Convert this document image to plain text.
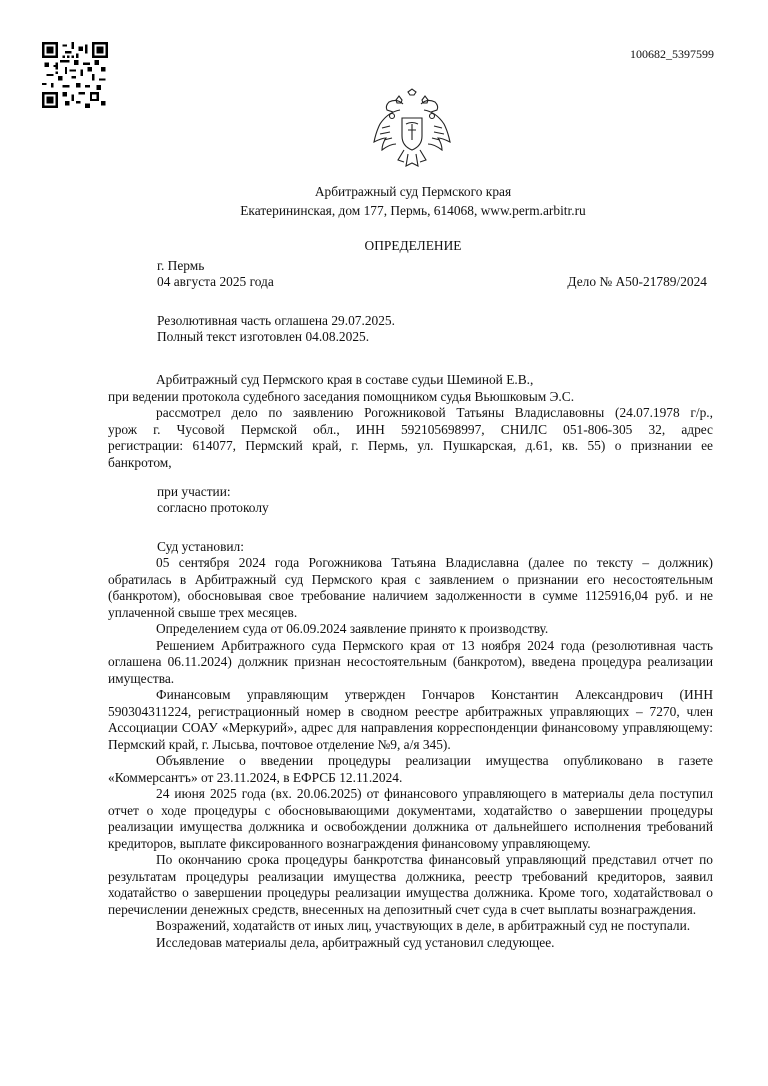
100682_5397599
Арбитражный суд Пермского края
Екатерининская, дом 177, Пермь, 614068, www.perm.arbitr.ru
ОПРЕДЕЛЕНИЕ
г. Пермь
04 августа 2025 года	Дело № А50-21789/2024
Резолютивная часть оглашена 29.07.2025.
Полный текст изготовлен 04.08.2025.
Арбитражный суд Пермского края в составе судьи Шеминой Е.В.,
при ведении протокола судебного заседания помощником судья Вьюшковым Э.С.
рассмотрел дело по заявлению Рогожниковой Татьяны Владиславовны (24.07.1978 г/р.,
урож г. Чусовой Пермской обл., ИНН 592105698997, СНИЛС 051-806-305 32, адрес
регистрации: 614077, Пермский край, г. Пермь, ул. Пушкарская, д.61, кв. 55) о признании ее
банкротом,
при участии:
согласно протоколу
Суд установил:

05 сентября 2024 года Рогожникова Татьяна Владиславна (далее по тексту – должник) обратилась в Арбитражный суд Пермского края с заявлением о признании его несостоятельным (банкротом), обосновывая свое требование наличием задолженности в сумме 1125916,04 руб. и не уплаченной свыше трех месяцев.

Определением суда от 06.09.2024 заявление принято к производству.

Решением Арбитражного суда Пермского края от 13 ноября 2024 года (резолютивная часть оглашена 06.11.2024) должник признан несостоятельным (банкротом), введена процедура реализации имущества.

Финансовым управляющим утвержден Гончаров Константин Александрович (ИНН 590304311224, регистрационный номер в сводном реестре арбитражных управляющих – 7270, член Ассоциации СОАУ «Меркурий», адрес для направления корреспонденции финансовому управляющему: Пермский край, г. Лысьва, почтовое отделение №9, а/я 345).

Объявление о введении процедуры реализации имущества опубликовано в газете «Коммерсантъ» от 23.11.2024, в ЕФРСБ 12.11.2024.

24 июня 2025 года (вх. 20.06.2025) от финансового управляющего в материалы дела поступил отчет о ходе процедуры с обосновывающими документами, ходатайство о завершении процедуры реализации имущества должника и освобождении должника от дальнейшего исполнения требований кредиторов, выплате фиксированного вознаграждения финансовому управляющему.

По окончанию срока процедуры банкротства финансовый управляющий представил отчет по результатам процедуры реализации имущества должника, реестр требований кредиторов, заявил ходатайство о завершении процедуры реализации имущества должника. Кроме того, ходатайствовал о перечислении денежных средств, внесенных на депозитный счет суда в счет выплаты вознаграждения.

Возражений, ходатайств от иных лиц, участвующих в деле, в арбитражный суд не поступали.

Исследовав материалы дела, арбитражный суд установил следующее.
